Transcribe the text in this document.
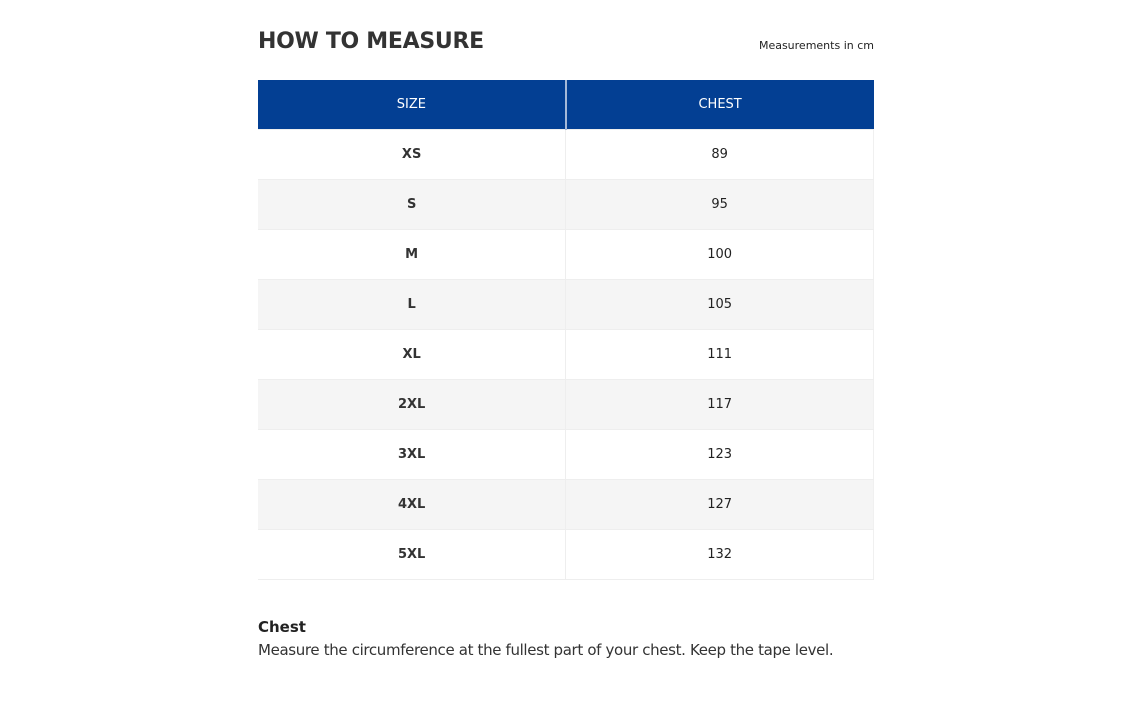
HOW TO MEASURE	Measurements in cm
SIZE	CHEST
XS	89
S	95
M	100
L	105
XL	111
2XL	117
3XL	123
4XL	127
5XL	132

Chest

Measure the circumference at the fullest part of your chest. Keep the tape level.
